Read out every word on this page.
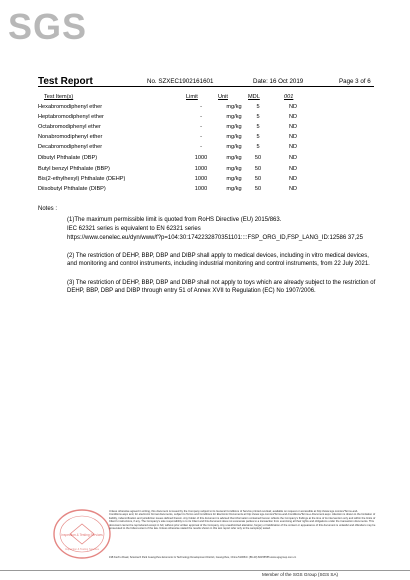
SGS
Test Report	No. SZXEC1902161601	Date: 16 Oct 2019	Page 3 of 6
Test Item(s)	Limit	Unit	MDL	001
Hexabromodiphenyl ether	-	mg/kg	5	ND
Heptabromodiphenyl ether	-	mg/kg	5	ND
Octabromodiphenyl ether	-	mg/kg	5	ND
Nonabromodiphenyl ether	-	mg/kg	5	ND
Decabromodiphenyl ether	-	mg/kg	5	ND
Dibutyl Phthalate (DBP)	1000	mg/kg	50	ND
Butyl benzyl Phthalate (BBP)	1000	mg/kg	50	ND
Bis(2-ethylhexyl) Phthalate (DEHP)	1000	mg/kg	50	ND
Diisobutyl Phthalate (DIBP)	1000	mg/kg	50	ND
Notes :
(1)The maximum permissible limit is quoted from RoHS Directive (EU) 2015/863.
IEC 62321 series is equivalent to EN 62321 series
https://www.cenelec.eu/dyn/www/f?p=104:30:1742232870351101::::FSP_ORG_ID,FSP_LANG_ID:12586 37,25
(2) The restriction of DEHP, BBP, DBP and DIBP shall apply to medical devices, including in vitro medical devices, and monitoring and control instruments, including industrial monitoring and control instruments, from 22 July 2021.
(3) The restriction of DEHP, BBP, DBP and DIBP shall not apply to toys which are already subject to the restriction of DEHP, BBP, DBP and DIBP through entry 51 of Annex XVII to Regulation (EC) No 1907/2006.
Inspection & Testing Services
Inspection & Testing Services
Unless otherwise agreed in writing, this document is issued by the Company subject to its General Conditions of Service printed overleaf, available on request or accessible at http://www.sgs.com/en/Terms-and-Conditions.aspx and, for electronic format documents, subject to Terms and Conditions for Electronic Documents at http://www.sgs.com/en/Terms-and-Conditions/Terms-e-Document.aspx. Attention is drawn to the limitation of liability, indemnification and jurisdiction issues defined therein. Any holder of this document is advised that information contained hereon reflects the Company's findings at the time of its intervention only and within the limits of Client's instructions, if any. The Company's sole responsibility is to its Client and this document does not exonerate parties to a transaction from exercising all their rights and obligations under the transaction documents. This document cannot be reproduced except in full, without prior written approval of the Company. Any unauthorized alteration, forgery or falsification of the content or appearance of this document is unlawful and offenders may be prosecuted to the fullest extent of the law. Unless otherwise stated the results shown in this test report refer only to the sample(s) tested.
198 Kezhu Road, Scientech Park Guangzhou Economic & Technology Development District, Guangzhou, China 510663 t (86-20) 82155555 www.sgsgroup.com.cn
Member of the SGS Group (SGS SA)
